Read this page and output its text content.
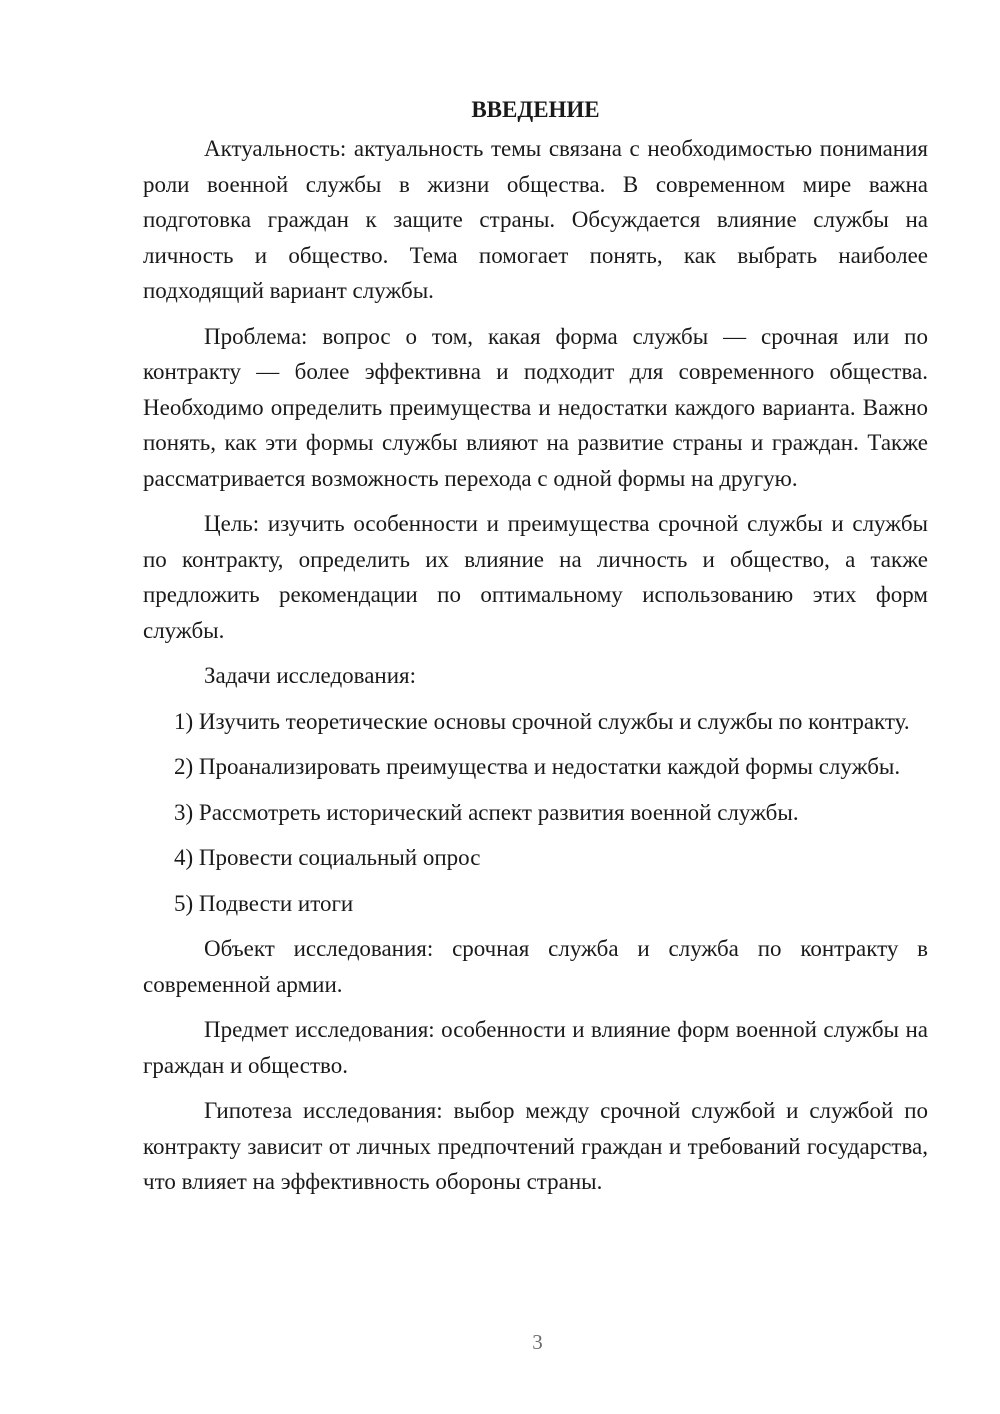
ВВЕДЕНИЕ

Актуальность: актуальность темы связана с необходимостью понимания роли военной службы в жизни общества. В современном мире важна подготовка граждан к защите страны. Обсуждается влияние службы на личность и общество. Тема помогает понять, как выбрать наиболее подходящий вариант службы.

Проблема: вопрос о том, какая форма службы — срочная или по контракту — более эффективна и подходит для современного общества. Необходимо определить преимущества и недостатки каждого варианта. Важно понять, как эти формы службы влияют на развитие страны и граждан. Также рассматривается возможность перехода с одной формы на другую.

Цель: изучить особенности и преимущества срочной службы и службы по контракту, определить их влияние на личность и общество, а также предложить рекомендации по оптимальному использованию этих форм службы.

Задачи исследования:

1) Изучить теоретические основы срочной службы и службы по контракту.

2) Проанализировать преимущества и недостатки каждой формы службы.

3) Рассмотреть исторический аспект развития военной службы.

4) Провести социальный опрос

5) Подвести итоги

Объект исследования: срочная служба и служба по контракту в современной армии.

Предмет исследования: особенности и влияние форм военной службы на граждан и общество.

Гипотеза исследования: выбор между срочной службой и службой по контракту зависит от личных предпочтений граждан и требований государства, что влияет на эффективность обороны страны.

3
